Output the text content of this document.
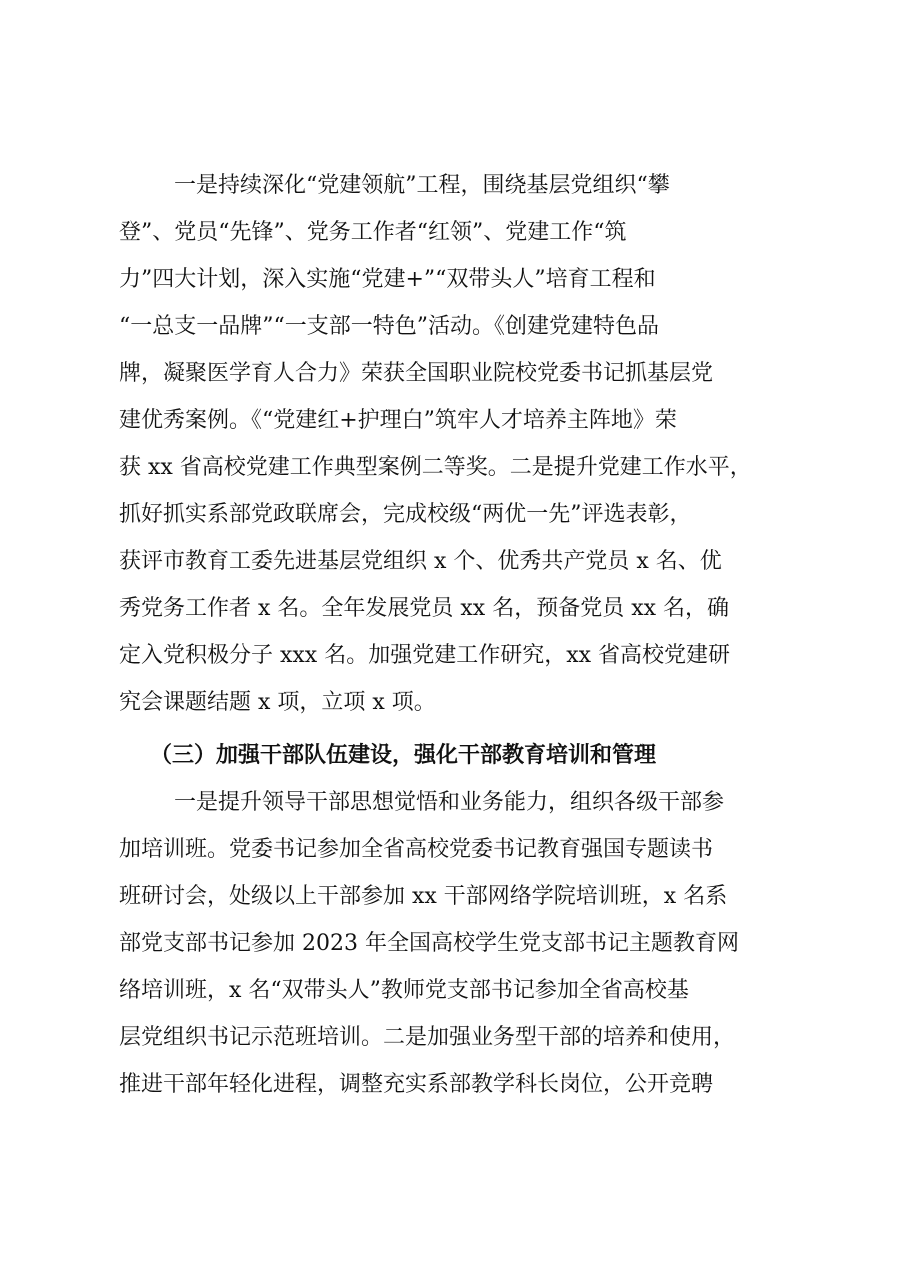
一是持续深化“党建领航”工程，围绕基层党组织“攀
登”、党员“先锋”、党务工作者“红领”、党建工作“筑
力”四大计划，深入实施“党建+”“双带头人”培育工程和
“一总支一品牌”“一支部一特色”活动。《创建党建特色品
牌，凝聚医学育人合力》荣获全国职业院校党委书记抓基层党
建优秀案例。《“党建红+护理白”筑牢人才培养主阵地》荣
获 xx 省高校党建工作典型案例二等奖。二是提升党建工作水平，
抓好抓实系部党政联席会，完成校级“两优一先”评选表彰，
获评市教育工委先进基层党组织 x 个、优秀共产党员 x 名、优
秀党务工作者 x 名。全年发展党员 xx 名，预备党员 xx 名，确
定入党积极分子 xxx 名。加强党建工作研究，xx 省高校党建研
究会课题结题 x 项，立项 x 项。
（三）加强干部队伍建设，强化干部教育培训和管理
一是提升领导干部思想觉悟和业务能力，组织各级干部参
加培训班。党委书记参加全省高校党委书记教育强国专题读书
班研讨会，处级以上干部参加 xx 干部网络学院培训班，x 名系
部党支部书记参加 2023 年全国高校学生党支部书记主题教育网
络培训班，x 名“双带头人”教师党支部书记参加全省高校基
层党组织书记示范班培训。二是加强业务型干部的培养和使用，
推进干部年轻化进程，调整充实系部教学科长岗位，公开竞聘
